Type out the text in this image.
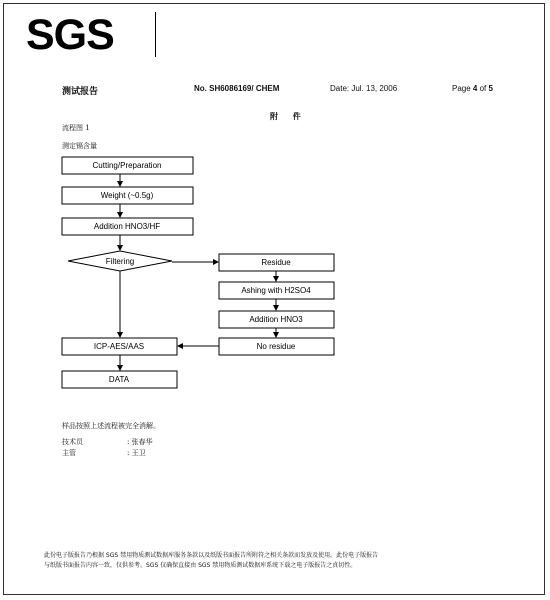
SGS
测试报告	No. SH6086169/ CHEM	Date: Jul. 13, 2006	Page 4 of 5
附 件
流程图 1
测定镉含量
Cutting/Preparation
Weight (~0.5g)
Addition HNO3/HF
Filtering	Residue
Ashing with H2SO4
Addition HNO3
No residue
ICP-AES/AAS
DATA
样品按照上述流程被完全消解。
技术员	: 张春华
主管	: 王卫
此份电子版报告乃根据 SGS 禁用物质测试数据库服务条款以及纸版书面报告所附符之相关条款而发放及使用。此份电子版报告
与纸版书面报告内容一致，仅供参考。SGS 仅确保直接由 SGS 禁用物质测试数据库系统下载之电子版报告之真切性。
